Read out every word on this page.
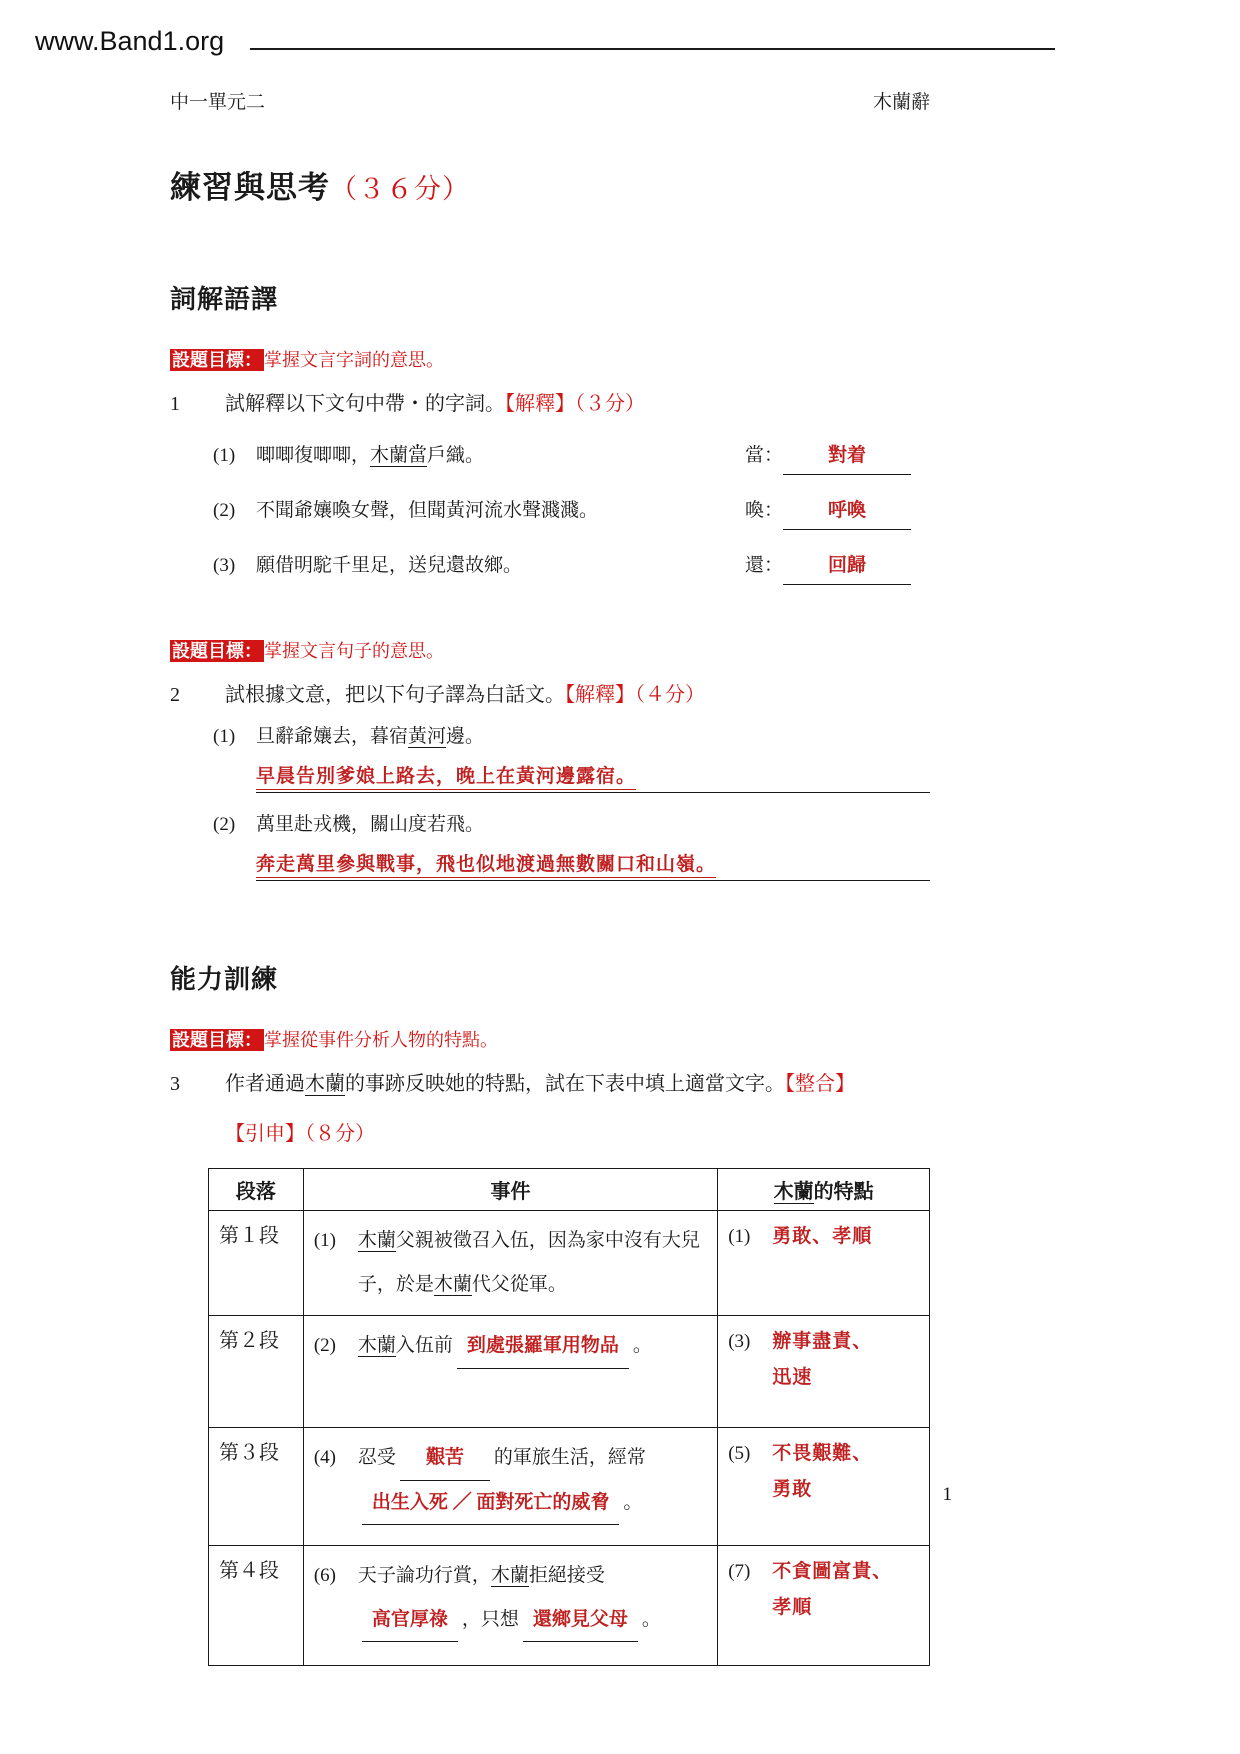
www.Band1.org
中一單元二	木蘭辭
練習與思考（３６分）
詞解語譯
設題目標： 掌握文言字詞的意思。
1	試解釋以下文句中帶・的字詞。【解釋】（３分）
(1)	唧唧復唧唧，木蘭當戶織。	當：	對着
(2)	不聞爺孃喚女聲，但聞黃河流水聲濺濺。	喚：	呼喚
(3)	願借明駝千里足，送兒還故鄉。	還：	回歸
設題目標： 掌握文言句子的意思。
2	試根據文意，把以下句子譯為白話文。【解釋】（４分）
(1)	旦辭爺孃去，暮宿黃河邊。
早晨告別爹娘上路去，晚上在黃河邊露宿。
(2)	萬里赴戎機，關山度若飛。
奔走萬里參與戰事，飛也似地渡過無數關口和山嶺。
能力訓練
設題目標： 掌握從事件分析人物的特點。
3	作者通過木蘭的事跡反映她的特點，試在下表中填上適當文字。【整合】
【引申】（８分）
段落	事件	木蘭的特點
第１段	(1) 木蘭父親被徵召入伍，因為家中沒有大兒子，於是木蘭代父從軍。	(1) 勇敢、孝順

第２段	(2) 木蘭入伍前 到處張羅軍用物品 。	(3) 辦事盡責、
迅速

第３段	(4) 忍受 艱苦 的軍旅生活，經常
出生入死 ／ 面對死亡的威脅 。	(5) 不畏艱難、
勇敢

第４段	(6) 天子論功行賞，木蘭拒絕接受高官厚祿 ，只想 還鄉見父母 。	(7) 不貪圖富貴、
孝順
1
